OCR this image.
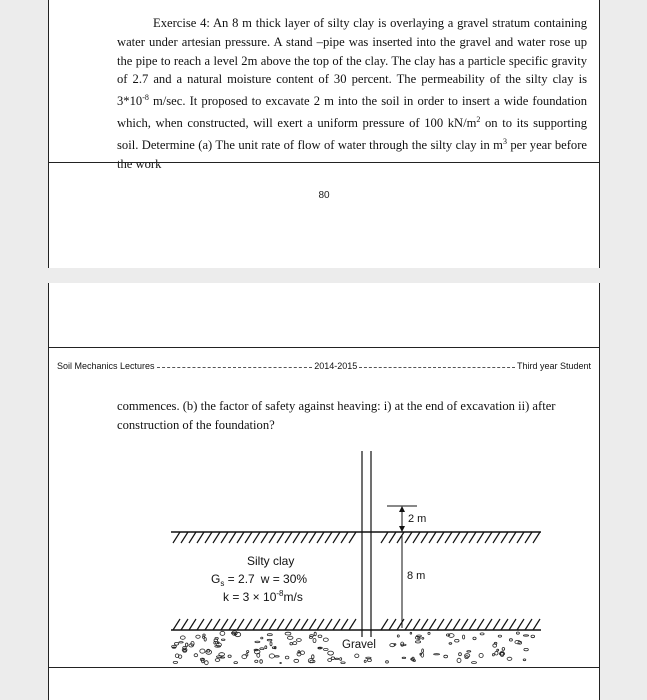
Exercise 4: An 8 m thick layer of silty clay is overlaying a gravel stratum containing water under artesian pressure. A stand –pipe was inserted into the gravel and water rose up the pipe to reach a level 2m above the top of the clay. The clay has a particle specific gravity of 2.7 and a natural moisture content of 30 percent. The permeability of the silty clay is $3*10^{-8}$ m/sec. It proposed to excavate 2 m into the soil in order to insert a wide foundation which, when constructed, will exert a uniform pressure of 100 $kN/m^2$ on to its supporting soil. Determine (a) The unit rate of flow of water through the silty clay in $m^3$ per year before the work

80
Soil Mechanics Lectures	2014-2015	Third year Student
commences. (b) the factor of safety against heaving: i) at the end of excavation ii) after construction of the foundation?
2 m
8 m
Silty clay
$G_s = 2.7$ w = 30%
$k = 3 \times 10^{-8}m/s$
Gravel
